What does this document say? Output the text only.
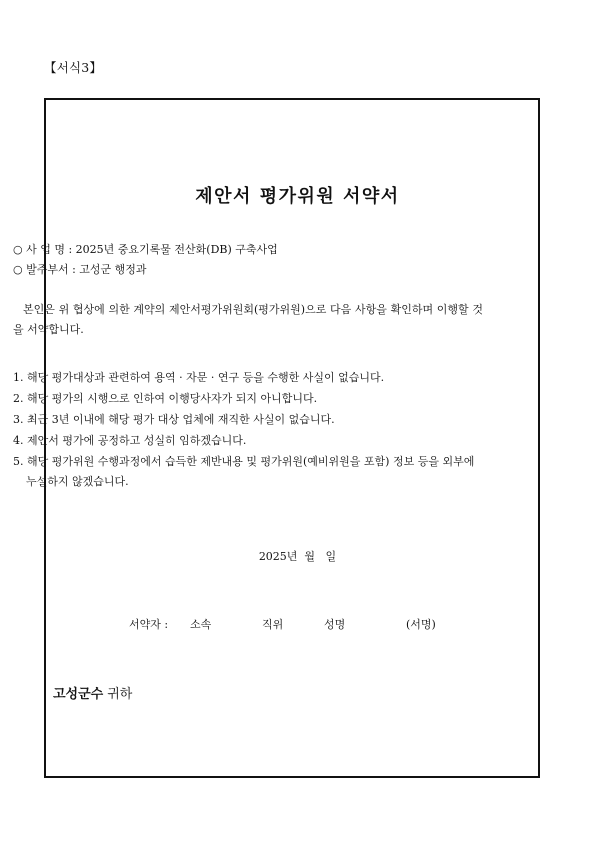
【서식3】
제안서 평가위원 서약서
○ 사 업 명 : 2025년 중요기록물 전산화(DB) 구축사업
○ 발주부서 : 고성군 행정과
본인은 위 협상에 의한 계약의 제안서평가위원회(평가위원)으로 다음 사항을 확인하며 이행할 것을 서약합니다.
1. 해당 평가대상과 관련하여 용역 · 자문 · 연구 등을 수행한 사실이 없습니다.
2. 해당 평가의 시행으로 인하여 이행당사자가 되지 아니합니다.
3. 최근 3년 이내에 해당 평가 대상 업체에 재직한 사실이 없습니다.
4. 제안서 평가에 공정하고 성실히 임하겠습니다.
5. 해당 평가위원 수행과정에서 습득한 제반내용 및 평가위원(예비위원을 포함) 정보 등을 외부에 누설하지 않겠습니다.
2025년  월   일
서약자 : 소속	직위	성명	(서명)
고성군수 귀하
